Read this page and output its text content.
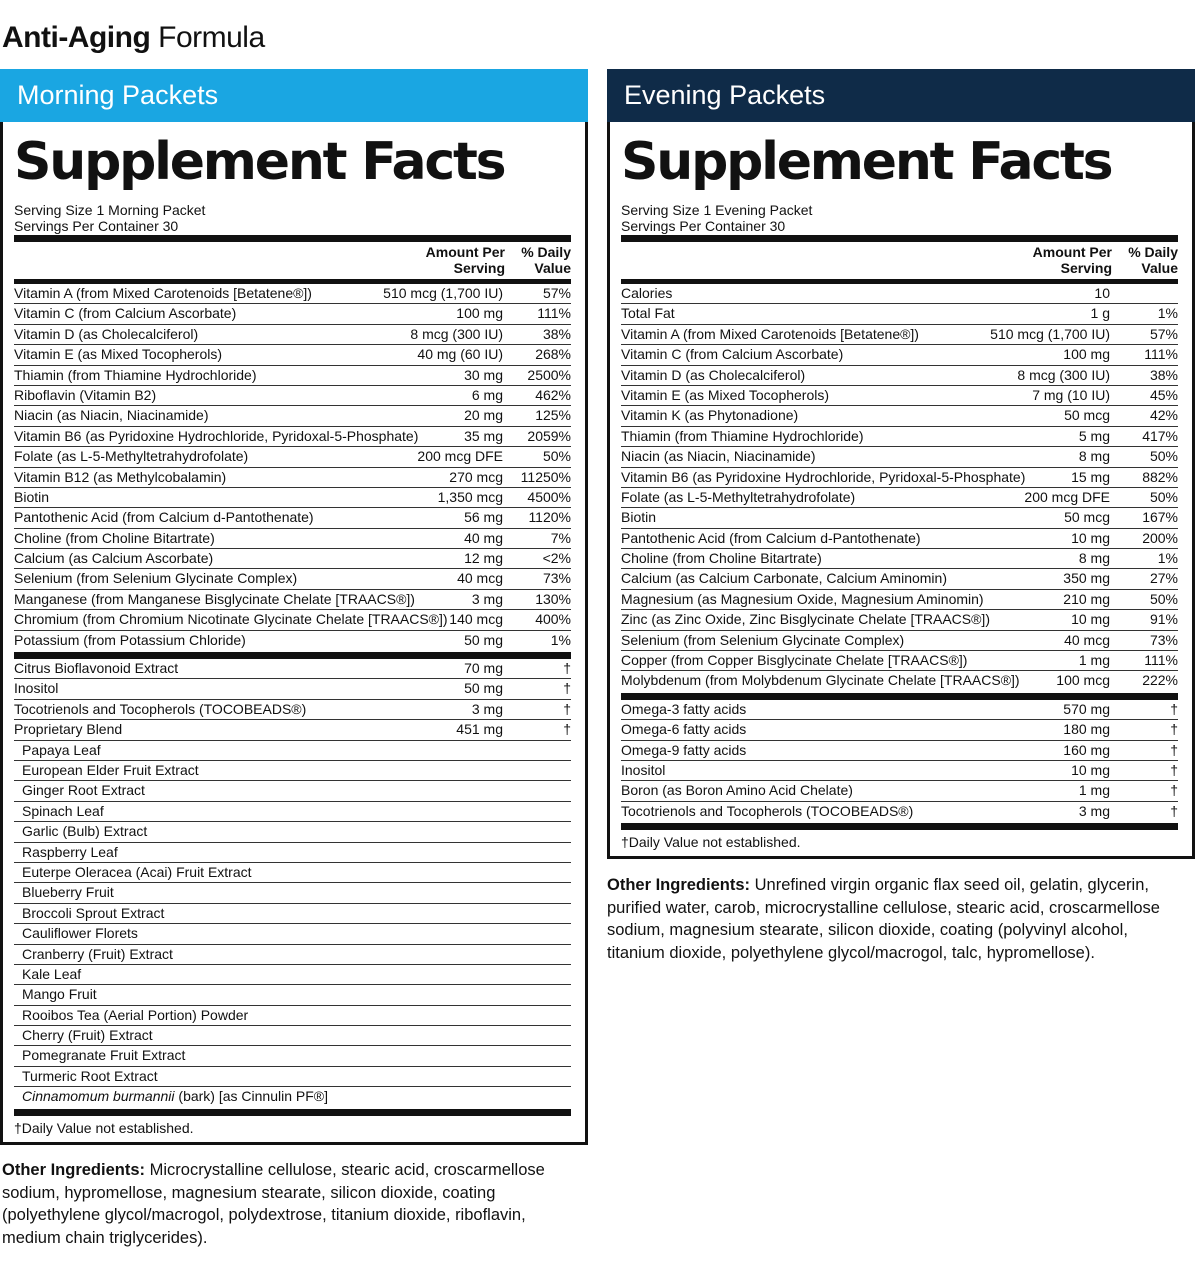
Anti-Aging Formula
Morning Packets
Supplement Facts
Serving Size 1 Morning Packet
Servings Per Container 30
Amount Per
Serving
% Daily
Value
Vitamin A (from Mixed Carotenoids [Betatene®])	510 mcg (1,700 IU)	57%
Vitamin C (from Calcium Ascorbate)	100 mg	111%
Vitamin D (as Cholecalciferol)	8 mcg (300 IU)	38%
Vitamin E (as Mixed Tocopherols)	40 mg (60 IU)	268%
Thiamin (from Thiamine Hydrochloride)	30 mg	2500%
Riboflavin (Vitamin B2)	6 mg	462%
Niacin (as Niacin, Niacinamide)	20 mg	125%
Vitamin B6 (as Pyridoxine Hydrochloride, Pyridoxal-5-Phosphate)	35 mg	2059%
Folate (as L-5-Methyltetrahydrofolate)	200 mcg DFE	50%
Vitamin B12 (as Methylcobalamin)	270 mcg	11250%
Biotin	1,350 mcg	4500%
Pantothenic Acid (from Calcium d-Pantothenate)	56 mg	1120%
Choline (from Choline Bitartrate)	40 mg	7%
Calcium (as Calcium Ascorbate)	12 mg	<2%
Selenium (from Selenium Glycinate Complex)	40 mcg	73%
Manganese (from Manganese Bisglycinate Chelate [TRAACS®])	3 mg	130%
Chromium (from Chromium Nicotinate Glycinate Chelate [TRAACS®]) 140 mcg	400%
Potassium (from Potassium Chloride)	50 mg	1%
Citrus Bioflavonoid Extract	70 mg	†
Inositol	50 mg	†
Tocotrienols and Tocopherols (TOCOBEADS®)	3 mg	†
Proprietary Blend	451 mg	†
Papaya Leaf
European Elder Fruit Extract
Ginger Root Extract
Spinach Leaf
Garlic (Bulb) Extract
Raspberry Leaf
Euterpe Oleracea (Acai) Fruit Extract
Blueberry Fruit
Broccoli Sprout Extract
Cauliflower Florets
Cranberry (Fruit) Extract
Kale Leaf
Mango Fruit
Rooibos Tea (Aerial Portion) Powder
Cherry (Fruit) Extract
Pomegranate Fruit Extract
Turmeric Root Extract
Cinnamomum burmannii (bark) [as Cinnulin PF®]
†Daily Value not established.
Evening Packets
Supplement Facts
Serving Size 1 Evening Packet
Servings Per Container 30
Amount Per
Serving
% Daily
Value
Calories	10
Total Fat	1 g	1%
Vitamin A (from Mixed Carotenoids [Betatene®])	510 mcg (1,700 IU)	57%
Vitamin C (from Calcium Ascorbate)	100 mg	111%
Vitamin D (as Cholecalciferol)	8 mcg (300 IU)	38%
Vitamin E (as Mixed Tocopherols)	7 mg (10 IU)	45%
Vitamin K (as Phytonadione)	50 mcg	42%
Thiamin (from Thiamine Hydrochloride)	5 mg	417%
Niacin (as Niacin, Niacinamide)	8 mg	50%
Vitamin B6 (as Pyridoxine Hydrochloride, Pyridoxal-5-Phosphate)	15 mg	882%
Folate (as L-5-Methyltetrahydrofolate)	200 mcg DFE	50%
Biotin	50 mcg	167%
Pantothenic Acid (from Calcium d-Pantothenate)	10 mg	200%
Choline (from Choline Bitartrate)	8 mg	1%
Calcium (as Calcium Carbonate, Calcium Aminomin)	350 mg	27%
Magnesium (as Magnesium Oxide, Magnesium Aminomin)	210 mg	50%
Zinc (as Zinc Oxide, Zinc Bisglycinate Chelate [TRAACS®])	10 mg	91%
Selenium (from Selenium Glycinate Complex)	40 mcg	73%
Copper (from Copper Bisglycinate Chelate [TRAACS®])	1 mg	111%
Molybdenum (from Molybdenum Glycinate Chelate [TRAACS®])	100 mcg	222%
Omega-3 fatty acids	570 mg	†
Omega-6 fatty acids	180 mg	†
Omega-9 fatty acids	160 mg	†
Inositol	10 mg	†
Boron (as Boron Amino Acid Chelate)	1 mg	†
Tocotrienols and Tocopherols (TOCOBEADS®)	3 mg	†
†Daily Value not established.
Other Ingredients: Microcrystalline cellulose, stearic acid, croscarmellose sodium, hypromellose, magnesium stearate, silicon dioxide, coating (polyethylene glycol/macrogol, polydextrose, titanium dioxide, riboflavin, medium chain triglycerides).
Other Ingredients: Unrefined virgin organic flax seed oil, gelatin, glycerin, purified water, carob, microcrystalline cellulose, stearic acid, croscarmellose sodium, magnesium stearate, silicon dioxide, coating (polyvinyl alcohol, titanium dioxide, polyethylene glycol/macrogol, talc, hypromellose).
